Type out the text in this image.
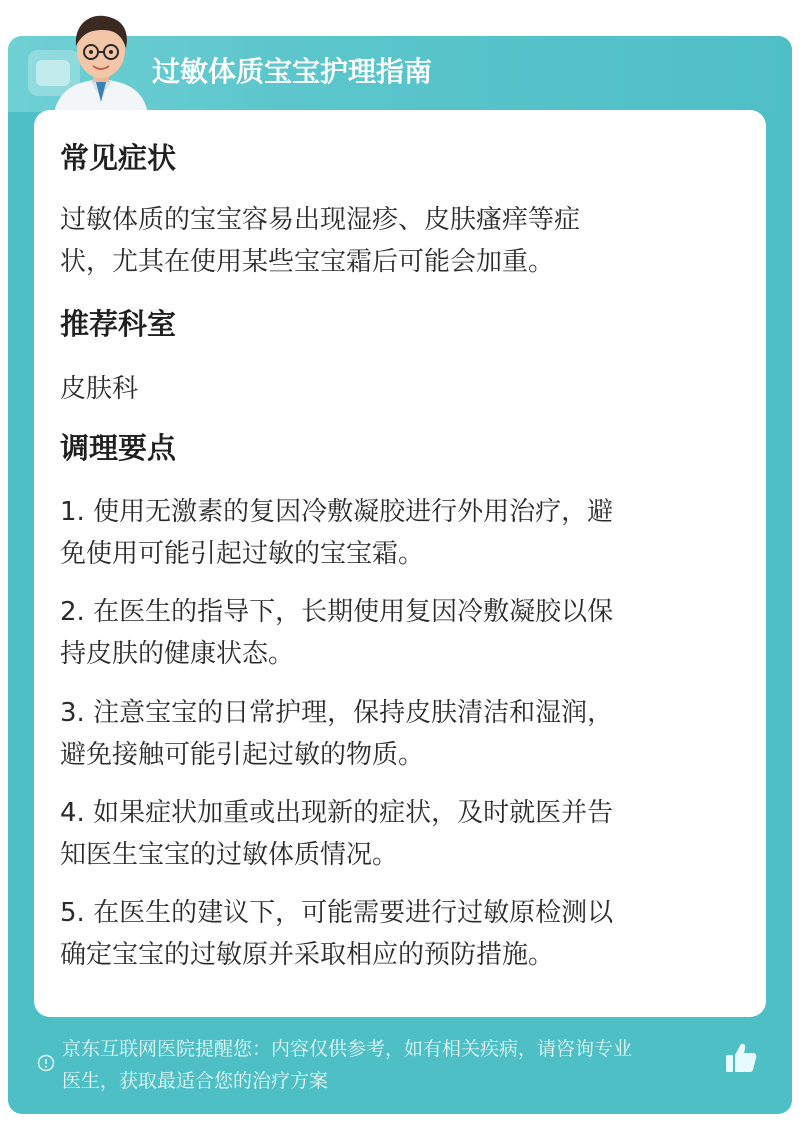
过敏体质宝宝护理指南
常见症状
过敏体质的宝宝容易出现湿疹、皮肤瘙痒等症
状，尤其在使用某些宝宝霜后可能会加重。
推荐科室
皮肤科
调理要点
1. 使用无激素的复因冷敷凝胶进行外用治疗，避
免使用可能引起过敏的宝宝霜。
2. 在医生的指导下，长期使用复因冷敷凝胶以保
持皮肤的健康状态。
3. 注意宝宝的日常护理，保持皮肤清洁和湿润，
避免接触可能引起过敏的物质。
4. 如果症状加重或出现新的症状，及时就医并告
知医生宝宝的过敏体质情况。
5. 在医生的建议下，可能需要进行过敏原检测以
确定宝宝的过敏原并采取相应的预防措施。
京东互联网医院提醒您：内容仅供参考，如有相关疾病，请咨询专业
医生，获取最适合您的治疗方案
